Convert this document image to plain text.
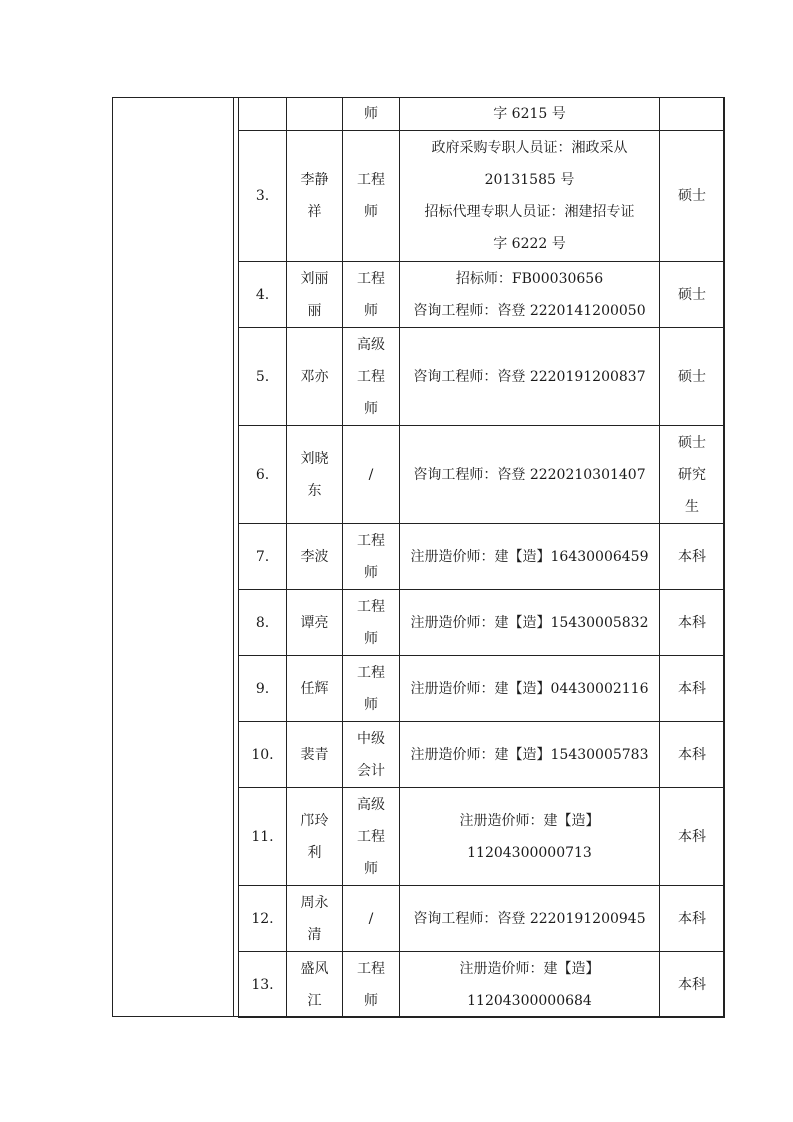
		师	字 6215 号	

3.	李静
祥	工程
师	政府采购专职人员证：湘政采从
20131585 号
招标代理专职人员证：湘建招专证
字 6222 号	硕士

4.	刘丽
丽	工程
师	招标师：FB00030656
咨询工程师：咨登 2220141200050	硕士

5.	邓亦	高级
工程
师	咨询工程师：咨登 2220191200837	硕士

6.	刘晓
东	/	咨询工程师：咨登 2220210301407	硕士
研究
生

7.	李波	工程
师	注册造价师：建【造】16430006459	本科

8.	谭亮	工程
师	注册造价师：建【造】15430005832	本科

9.	任辉	工程
师	注册造价师：建【造】04430002116	本科

10.	裴青	中级
会计	注册造价师：建【造】15430005783	本科

11.	邝玲
利	高级
工程
师	注册造价师：建【造】
11204300000713	本科

12.	周永
清	/	咨询工程师：咨登 2220191200945	本科

13.	盛风
江	工程
师	注册造价师：建【造】
11204300000684	本科
